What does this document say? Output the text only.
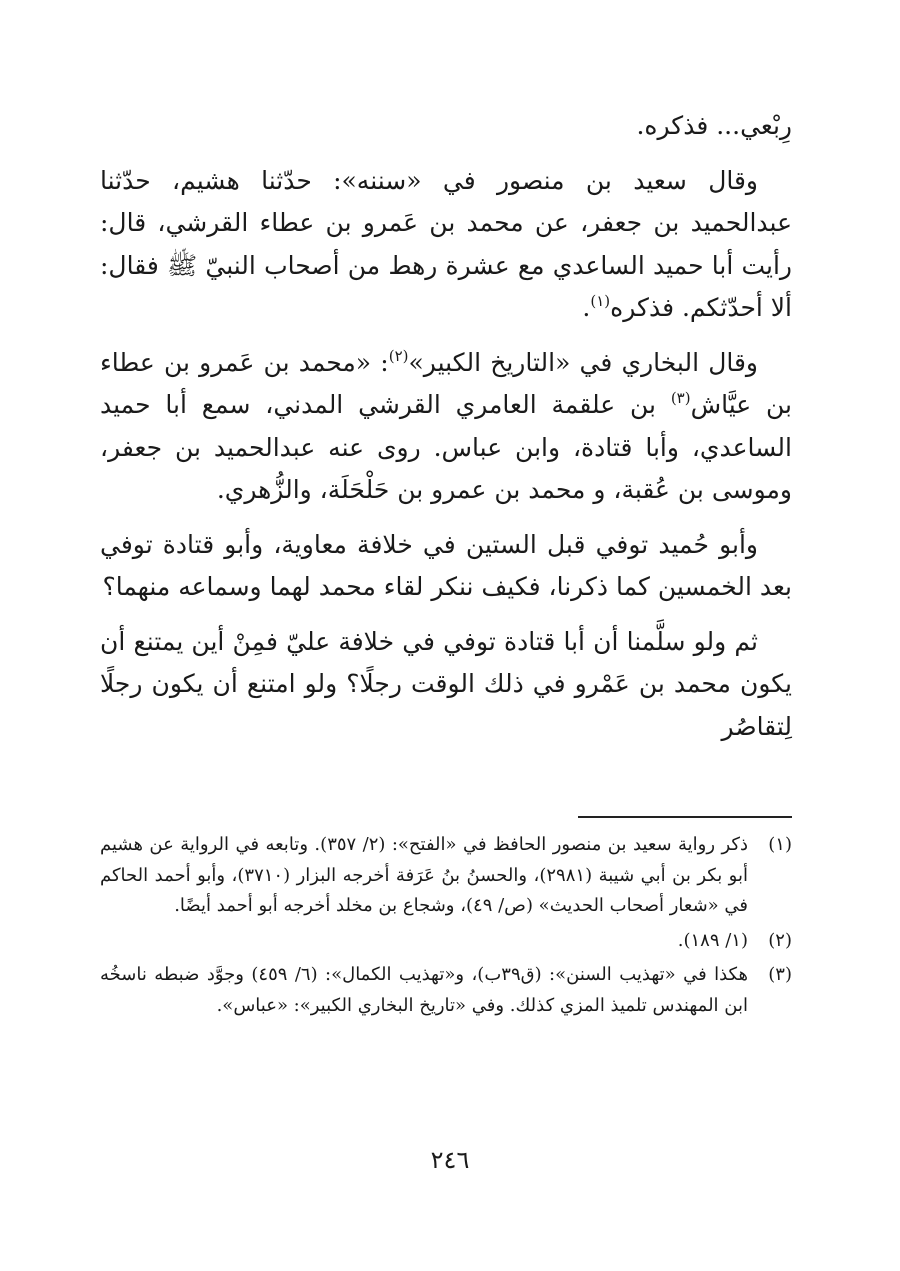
رِبْعي... فذكره.

وقال سعيد بن منصور في «سننه»: حدّثنا هشيم، حدّثنا عبدالحميد بن جعفر، عن محمد بن عَمرو بن عطاء القرشي، قال: رأيت أبا حميد الساعدي مع عشرة رهط من أصحاب النبيّ ﷺ فقال: ألا أحدّثكم. فذكره$^{(١)}$.

وقال البخاري في «التاريخ الكبير»$^{(٢)}$: «محمد بن عَمرو بن عطاء بن عيَّاش$^{(٣)}$ بن علقمة العامري القرشي المدني، سمع أبا حميد الساعدي، وأبا قتادة، وابن عباس. روى عنه عبدالحميد بن جعفر، وموسى بن عُقبة، و محمد بن عمرو بن حَلْحَلَة، والزُّهري.

وأبو حُميد توفي قبل الستين في خلافة معاوية، وأبو قتادة توفي بعد الخمسين كما ذكرنا، فكيف ننكر لقاء محمد لهما وسماعه منهما؟

ثم ولو سلَّمنا أن أبا قتادة توفي في خلافة عليّ فمِنْ أين يمتنع أن يكون محمد بن عَمْرو في ذلك الوقت رجلًا؟ ولو امتنع أن يكون رجلًا لِتقاصُر

(١)
ذكر رواية سعيد بن منصور الحافظ في «الفتح»: (٢/ ٣٥٧). وتابعه في الرواية عن هشيم أبو بكر بن أبي شيبة (٢٩٨١)، والحسنُ بنُ عَرَفة أخرجه البزار (٣٧١٠)، وأبو أحمد الحاكم في «شعار أصحاب الحديث» (ص/ ٤٩)، وشجاع بن مخلد أخرجه أبو أحمد أيضًا.
(٢)
(١/ ١٨٩).
(٣)
هكذا في «تهذيب السنن»: (ق٣٩ب)، و«تهذيب الكمال»: (٦/ ٤٥٩) وجوَّد ضبطه ناسخُه ابن المهندس تلميذ المزي كذلك. وفي «تاريخ البخاري الكبير»: «عباس».
٢٤٦
